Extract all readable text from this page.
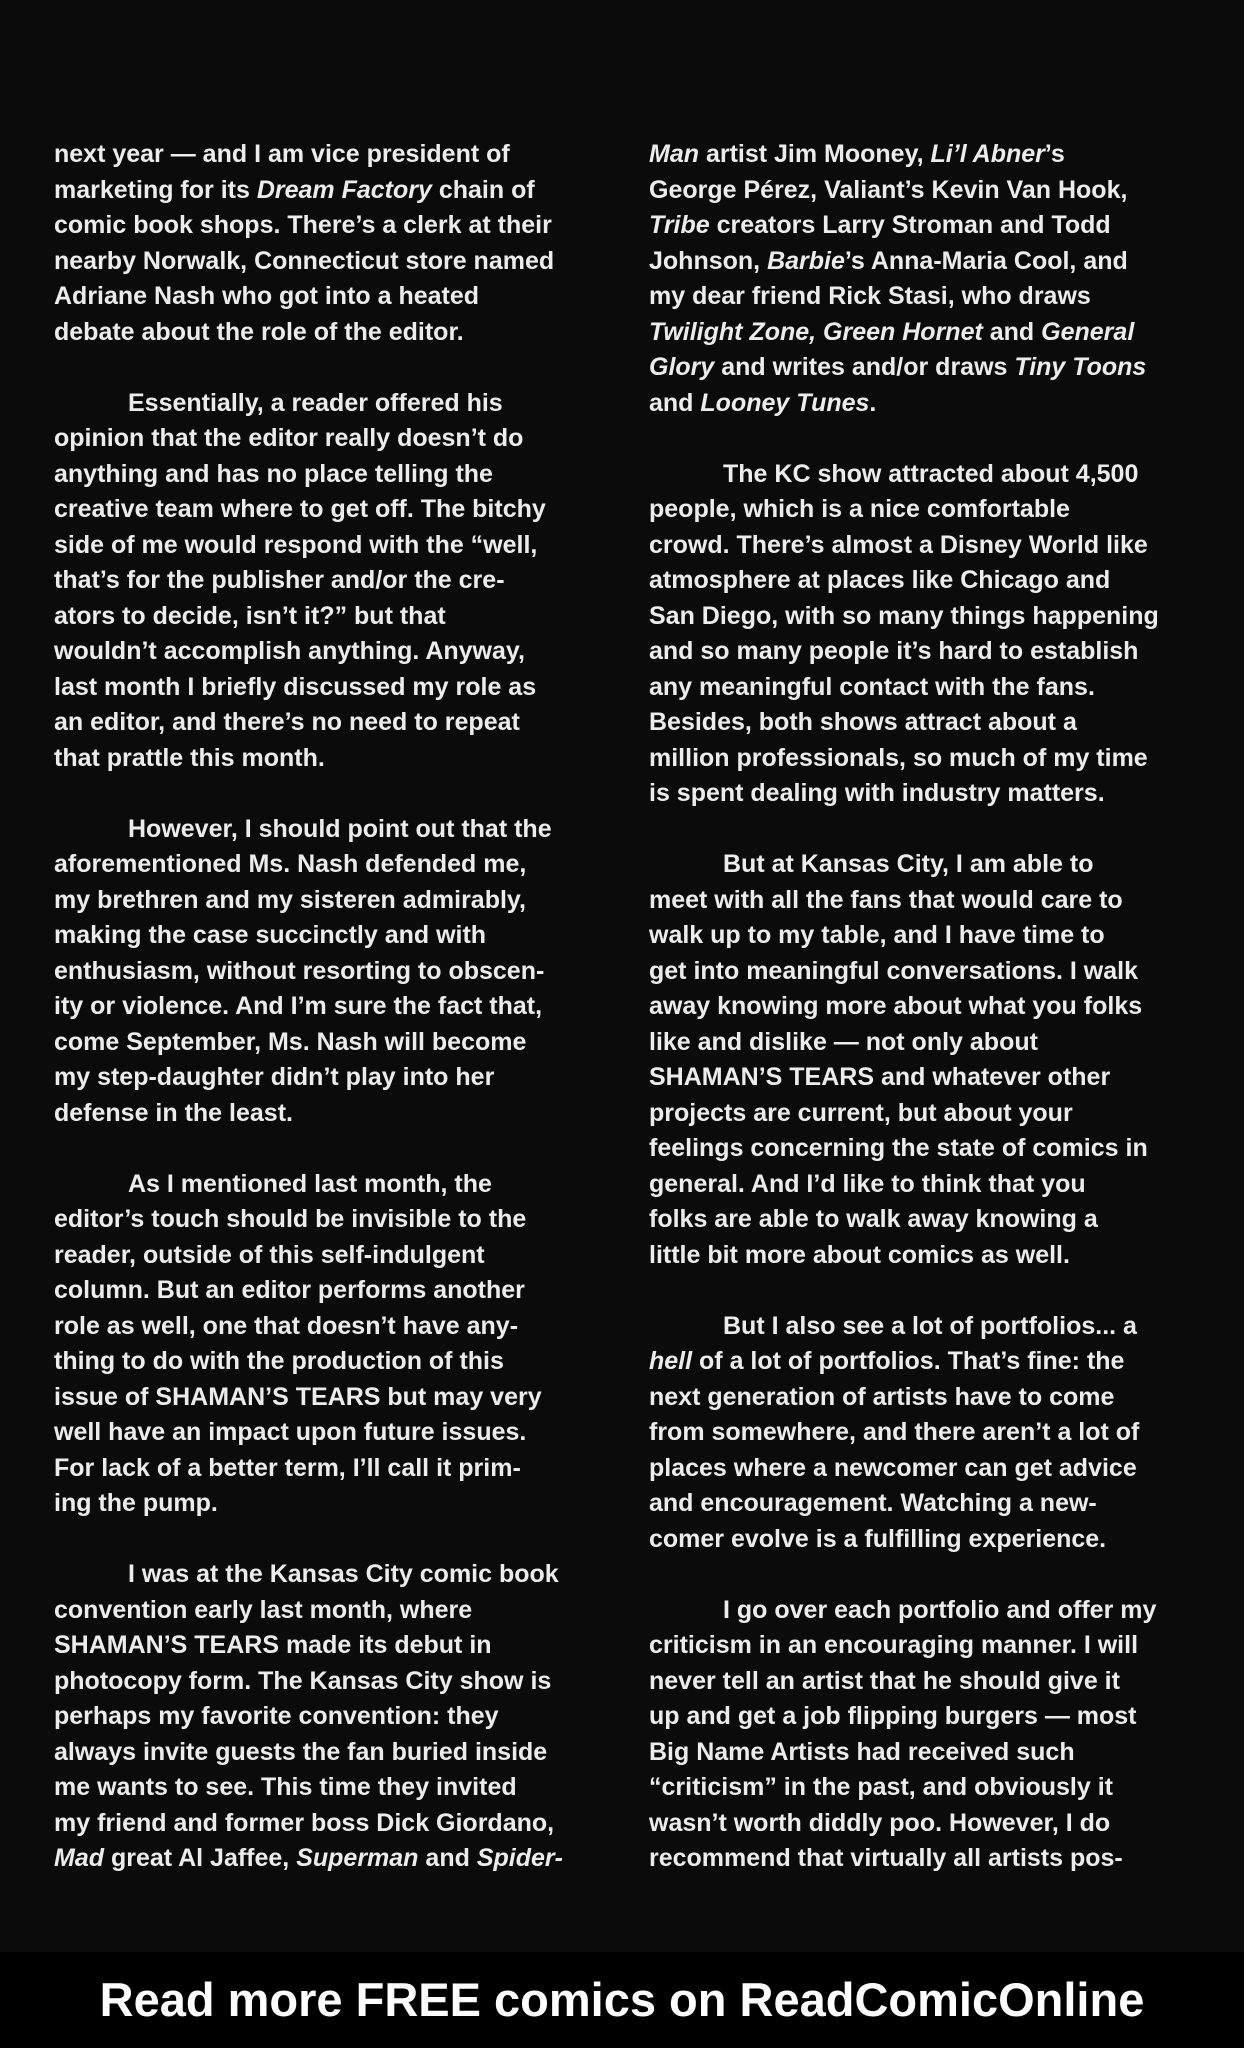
next year — and I am vice president of
marketing for its Dream Factory chain of
comic book shops. There’s a clerk at their
nearby Norwalk, Connecticut store named
Adriane Nash who got into a heated
debate about the role of the editor.
Essentially, a reader offered his
opinion that the editor really doesn’t do
anything and has no place telling the
creative team where to get off. The bitchy
side of me would respond with the “well,
that’s for the publisher and/or the cre-
ators to decide, isn’t it?” but that
wouldn’t accomplish anything. Anyway,
last month I briefly discussed my role as
an editor, and there’s no need to repeat
that prattle this month.
However, I should point out that the
aforementioned Ms. Nash defended me,
my brethren and my sisteren admirably,
making the case succinctly and with
enthusiasm, without resorting to obscen-
ity or violence. And I’m sure the fact that,
come September, Ms. Nash will become
my step-daughter didn’t play into her
defense in the least.
As I mentioned last month, the
editor’s touch should be invisible to the
reader, outside of this self-indulgent
column. But an editor performs another
role as well, one that doesn’t have any-
thing to do with the production of this
issue of SHAMAN’S TEARS but may very
well have an impact upon future issues.
For lack of a better term, I’ll call it prim-
ing the pump.
I was at the Kansas City comic book
convention early last month, where
SHAMAN’S TEARS made its debut in
photocopy form. The Kansas City show is
perhaps my favorite convention: they
always invite guests the fan buried inside
me wants to see. This time they invited
my friend and former boss Dick Giordano,
Mad great Al Jaffee, Superman and Spider-
Man artist Jim Mooney, Li’l Abner’s
George Pérez, Valiant’s Kevin Van Hook,
Tribe creators Larry Stroman and Todd
Johnson, Barbie’s Anna-Maria Cool, and
my dear friend Rick Stasi, who draws
Twilight Zone, Green Hornet and General
Glory and writes and/or draws Tiny Toons
and Looney Tunes.
The KC show attracted about 4,500
people, which is a nice comfortable
crowd. There’s almost a Disney World like
atmosphere at places like Chicago and
San Diego, with so many things happening
and so many people it’s hard to establish
any meaningful contact with the fans.
Besides, both shows attract about a
million professionals, so much of my time
is spent dealing with industry matters.
But at Kansas City, I am able to
meet with all the fans that would care to
walk up to my table, and I have time to
get into meaningful conversations. I walk
away knowing more about what you folks
like and dislike — not only about
SHAMAN’S TEARS and whatever other
projects are current, but about your
feelings concerning the state of comics in
general. And I’d like to think that you
folks are able to walk away knowing a
little bit more about comics as well.
But I also see a lot of portfolios... a
hell of a lot of portfolios. That’s fine: the
next generation of artists have to come
from somewhere, and there aren’t a lot of
places where a newcomer can get advice
and encouragement. Watching a new-
comer evolve is a fulfilling experience.
I go over each portfolio and offer my
criticism in an encouraging manner. I will
never tell an artist that he should give it
up and get a job flipping burgers — most
Big Name Artists had received such
“criticism” in the past, and obviously it
wasn’t worth diddly poo. However, I do
recommend that virtually all artists pos-
Read more FREE comics on ReadComicOnline
